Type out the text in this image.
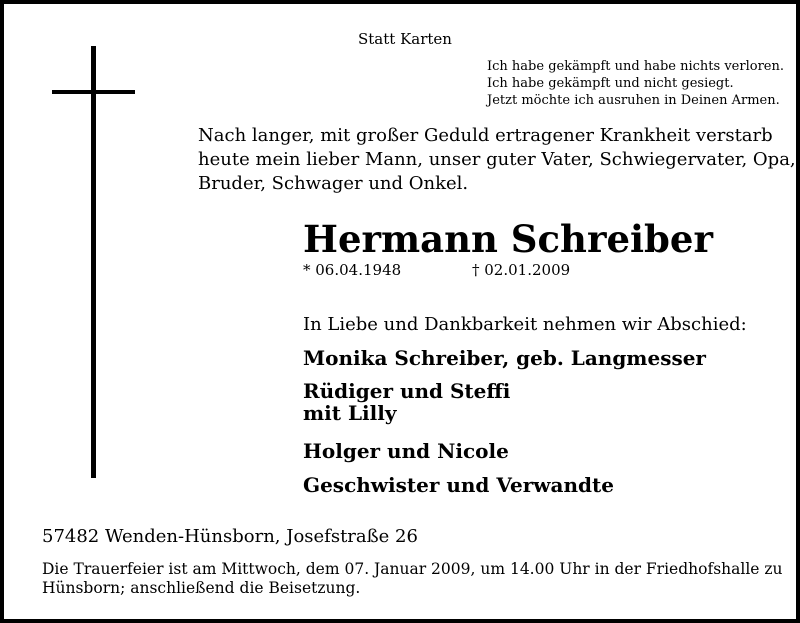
Statt Karten
Ich habe gekämpft und habe nichts verloren.
Ich habe gekämpft und nicht gesiegt.
Jetzt möchte ich ausruhen in Deinen Armen.
Nach langer, mit großer Geduld ertragener Krankheit verstarb
heute mein lieber Mann, unser guter Vater, Schwiegervater, Opa,
Bruder, Schwager und Onkel.
Hermann Schreiber
* 06.04.1948	† 02.01.2009
In Liebe und Dankbarkeit nehmen wir Abschied:
Monika Schreiber, geb. Langmesser
Rüdiger und Steffi
mit Lilly
Holger und Nicole
Geschwister und Verwandte
57482 Wenden-Hünsborn, Josefstraße 26
Die Trauerfeier ist am Mittwoch, dem 07. Januar 2009, um 14.00 Uhr in der Friedhofshalle zu
Hünsborn; anschließend die Beisetzung.
